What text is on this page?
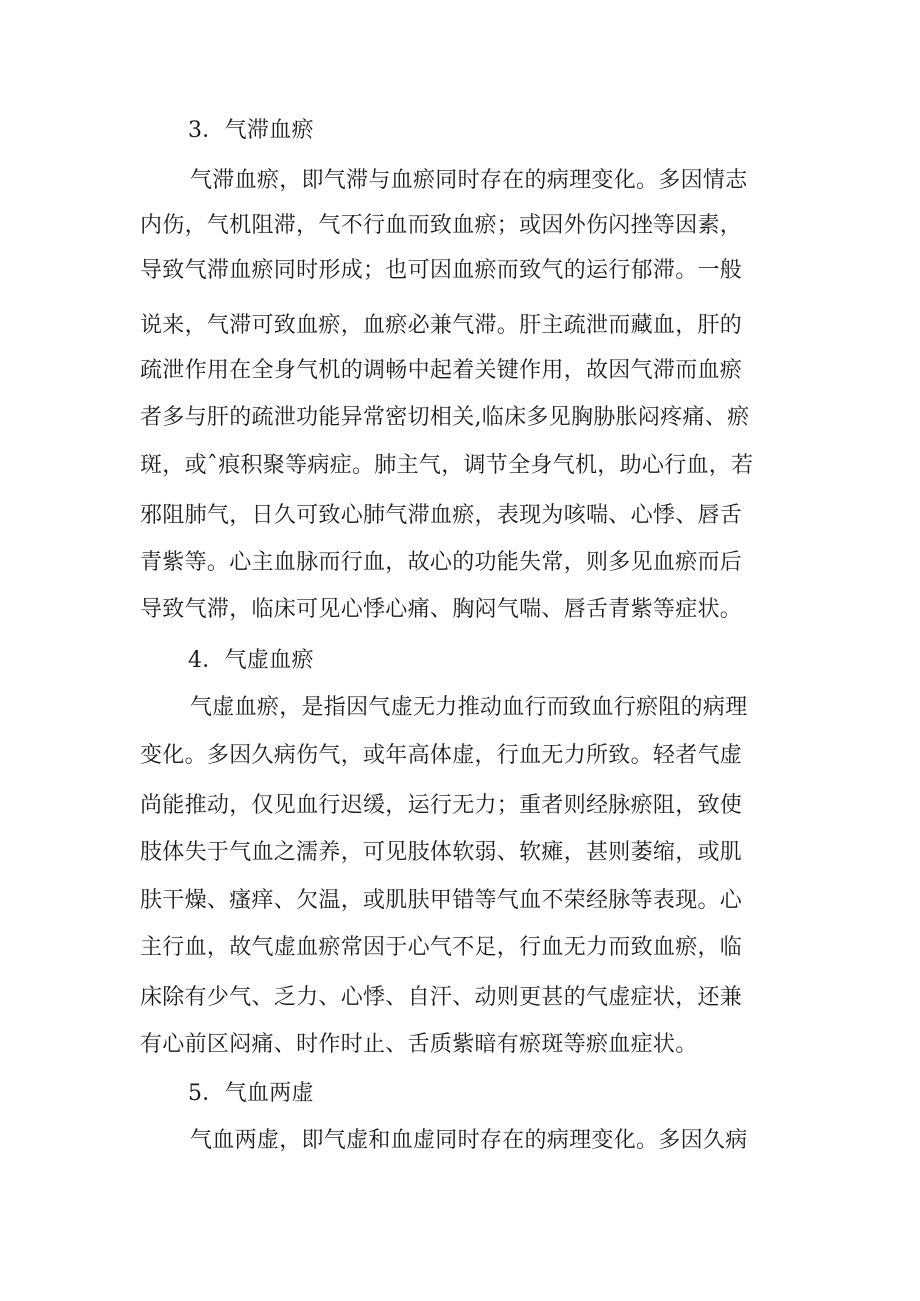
3．气滞血瘀
气滞血瘀，即气滞与血瘀同时存在的病理变化。多因情志
内伤，气机阻滞，气不行血而致血瘀；或因外伤闪挫等因素，
导致气滞血瘀同时形成；也可因血瘀而致气的运行郁滞。一般
说来，气滞可致血瘀，血瘀必兼气滞。肝主疏泄而藏血，肝的
疏泄作用在全身气机的调畅中起着关键作用，故因气滞而血瘀
者多与肝的疏泄功能异常密切相关,临床多见胸胁胀闷疼痛、瘀
斑，或ˆ痕积聚等病症。肺主气，调节全身气机，助心行血，若
邪阻肺气，日久可致心肺气滞血瘀，表现为咳喘、心悸、唇舌
青紫等。心主血脉而行血，故心的功能失常，则多见血瘀而后
导致气滞，临床可见心悸心痛、胸闷气喘、唇舌青紫等症状。
4．气虚血瘀
气虚血瘀，是指因气虚无力推动血行而致血行瘀阻的病理
变化。多因久病伤气，或年高体虚，行血无力所致。轻者气虚
尚能推动，仅见血行迟缓，运行无力；重者则经脉瘀阻，致使
肢体失于气血之濡养，可见肢体软弱、软瘫，甚则萎缩，或肌
肤干燥、瘙痒、欠温，或肌肤甲错等气血不荣经脉等表现。心
主行血，故气虚血瘀常因于心气不足，行血无力而致血瘀，临
床除有少气、乏力、心悸、自汗、动则更甚的气虚症状，还兼
有心前区闷痛、时作时止、舌质紫暗有瘀斑等瘀血症状。
5．气血两虚
气血两虚，即气虚和血虚同时存在的病理变化。多因久病
